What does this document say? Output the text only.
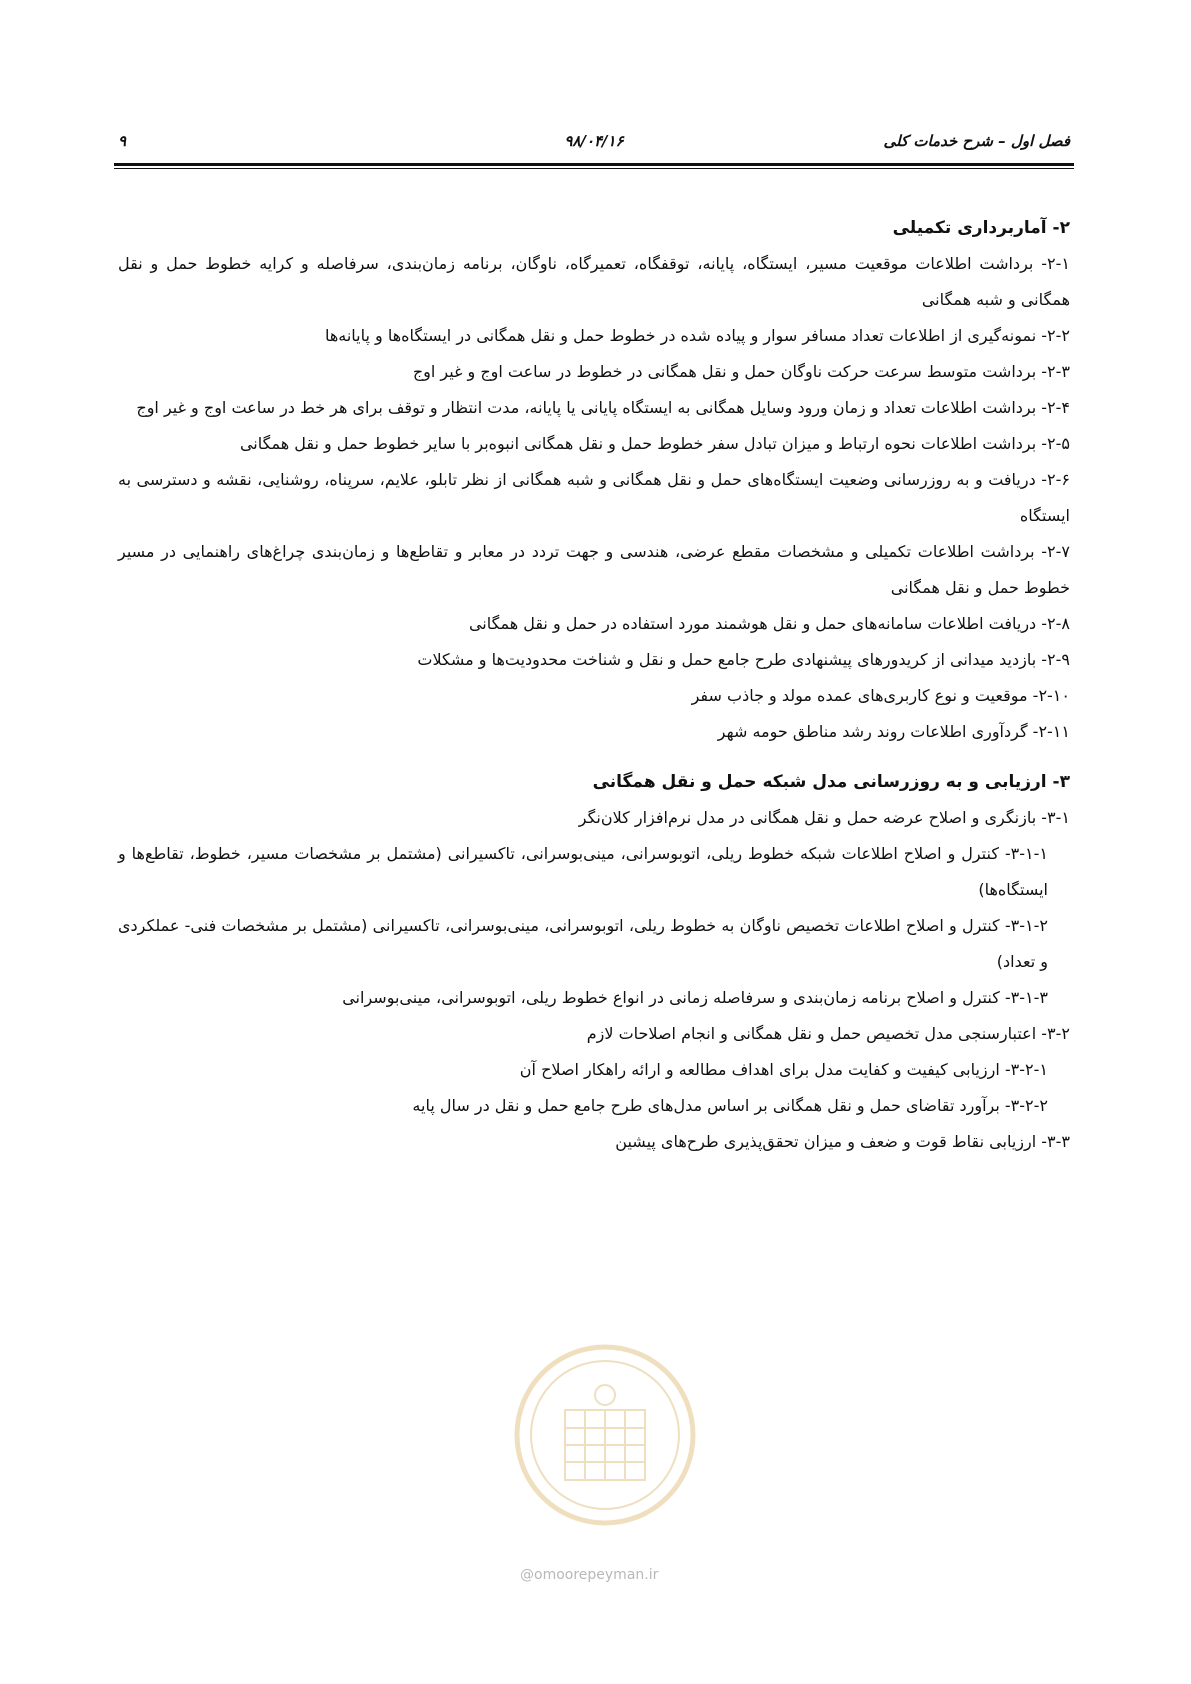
فصل اول – شرح خدمات کلی
۹۸/۰۴/۱۶
۹

۲- آماربرداری تکمیلی

۲-۱- برداشت اطلاعات موقعیت مسیر، ایستگاه، پایانه، توقفگاه، تعمیرگاه، ناوگان، برنامه زمان‌بندی، سرفاصله و کرایه خطوط حمل و نقل همگانی و شبه همگانی

۲-۲- نمونه‌گیری از اطلاعات تعداد مسافر سوار و پیاده شده در خطوط حمل و نقل همگانی در ایستگاه‌ها و پایانه‌ها

۲-۳- برداشت متوسط سرعت حرکت ناوگان حمل و نقل همگانی در خطوط در ساعت اوج و غیر اوج

۲-۴- برداشت اطلاعات تعداد و زمان ورود وسایل همگانی به ایستگاه پایانی یا پایانه، مدت انتظار و توقف برای هر خط در ساعت اوج و غیر اوج

۲-۵- برداشت اطلاعات نحوه ارتباط و میزان تبادل سفر خطوط حمل و نقل همگانی انبوه‌بر با سایر خطوط حمل و نقل همگانی

۲-۶- دریافت و به روزرسانی وضعیت ایستگاه‌های حمل و نقل همگانی و شبه همگانی از نظر تابلو، علایم، سرپناه، روشنایی، نقشه و دسترسی به ایستگاه

۲-۷- برداشت اطلاعات تکمیلی و مشخصات مقطع عرضی، هندسی و جهت تردد در معابر و تقاطع‌ها و زمان‌بندی چراغ‌های راهنمایی در مسیر خطوط حمل و نقل همگانی

۲-۸- دریافت اطلاعات سامانه‌های حمل و نقل هوشمند مورد استفاده در حمل و نقل همگانی

۲-۹- بازدید میدانی از کریدورهای پیشنهادی طرح جامع حمل و نقل و شناخت محدودیت‌ها و مشکلات

۲-۱۰- موقعیت و نوع کاربری‌های عمده مولد و جاذب سفر

۲-۱۱- گردآوری اطلاعات روند رشد مناطق حومه شهر

۳- ارزیابی و به روزرسانی مدل شبکه حمل و نقل همگانی

۳-۱- بازنگری و اصلاح عرضه حمل و نقل همگانی در مدل نرم‌افزار کلان‌نگر

۳-۱-۱- کنترل و اصلاح اطلاعات شبکه خطوط ریلی، اتوبوسرانی، مینی‌بوسرانی، تاکسیرانی (مشتمل بر مشخصات مسیر، خطوط، تقاطع‌ها و ایستگاه‌ها)

۳-۱-۲- کنترل و اصلاح اطلاعات تخصیص ناوگان به خطوط ریلی، اتوبوسرانی، مینی‌بوسرانی، تاکسیرانی (مشتمل بر مشخصات فنی- عملکردی و تعداد)

۳-۱-۳- کنترل و اصلاح برنامه زمان‌بندی و سرفاصله زمانی در انواع خطوط ریلی، اتوبوسرانی، مینی‌بوسرانی

۳-۲- اعتبارسنجی مدل تخصیص حمل و نقل همگانی و انجام اصلاحات لازم

۳-۲-۱- ارزیابی کیفیت و کفایت مدل برای اهداف مطالعه و ارائه راهکار اصلاح آن

۳-۲-۲- برآورد تقاضای حمل و نقل همگانی بر اساس مدل‌های طرح جامع حمل و نقل در سال پایه

۳-۳- ارزیابی نقاط قوت و ضعف و میزان تحقق‌پذیری طرح‌های پیشین

@omoorepeyman.ir
